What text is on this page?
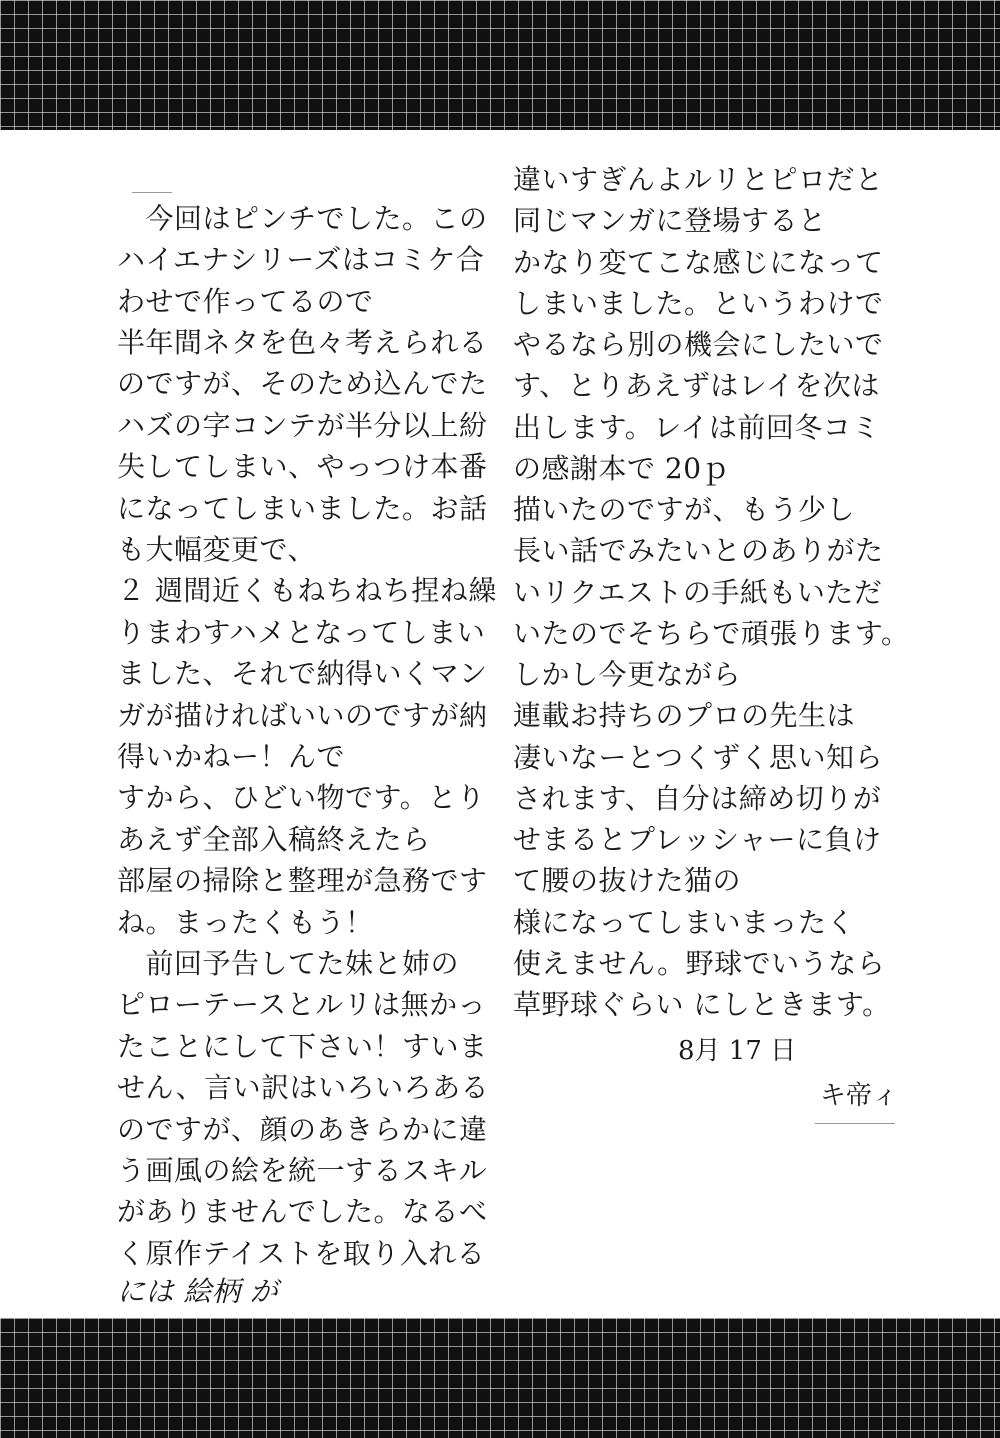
　今回はピンチでした。この
ハイエナシリーズはコミケ合
わせで作ってるので
半年間ネタを色々考えられる
のですが、そのため込んでた
ハズの字コンテが半分以上紛
失してしまい、やっつけ本番
になってしまいました。お話
も大幅変更で、
２ 週間近くもねちねち捏ね繰
りまわすハメとなってしまい
ました、それで納得いくマン
ガが描ければいいのですが納
得いかねー！んで
すから、ひどい物です。とり
あえず全部入稿終えたら
部屋の掃除と整理が急務です
ね。まったくもう！
　前回予告してた妹と姉の
ピローテースとルリは無かっ
たことにして下さい！すいま
せん、言い訳はいろいろある
のですが、顔のあきらかに違
う画風の絵を統一するスキル
がありませんでした。なるべ
く原作テイストを取り入れる
には 絵柄 が
違いすぎんよルリとピロだと
同じマンガに登場すると
かなり変てこな感じになって
しまいました。というわけで
やるなら別の機会にしたいで
す、とりあえずはレイを次は
出します。レイは前回冬コミ
の感謝本で 20ｐ
描いたのですが、もう少し
長い話でみたいとのありがた
いリクエストの手紙もいただ
いたのでそちらで頑張ります。
しかし今更ながら
連載お持ちのプロの先生は
凄いなーとつくずく思い知ら
されます、自分は締め切りが
せまるとプレッシャーに負け
て腰の抜けた猫の
様になってしまいまったく
使えません。野球でいうなら
草野球ぐらい にしときます。
8月 17 日
キ帝ィ
